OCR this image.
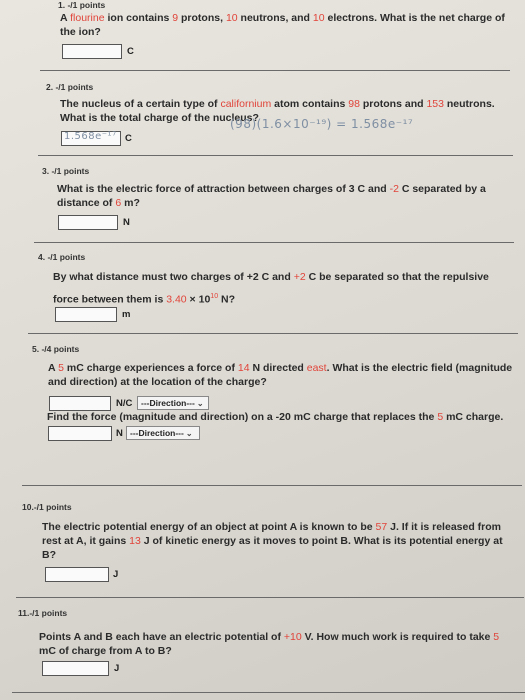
1. -/1 points
A flourine ion contains 9 protons, 10 neutrons, and 10 electrons. What is the net charge of the ion?
C
2. -/1 points
The nucleus of a certain type of californium atom contains 98 protons and 153 neutrons. What is the total charge of the nucleus?
(98)(1.6×10⁻¹⁹) = 1.568e⁻¹⁷
1.568e⁻¹⁷ C
3. -/1 points
What is the electric force of attraction between charges of 3 C and -2 C separated by a distance of 6 m?
N
4. -/1 points
By what distance must two charges of +2 C and +2 C be separated so that the repulsive force between them is $3.40 \times 10^{10}$ N?
m
5. -/4 points
A 5 mC charge experiences a force of 14 N directed east. What is the electric field (magnitude and direction) at the location of the charge?
N/C	---Direction--- ⌄
Find the force (magnitude and direction) on a -20 mC charge that replaces the 5 mC charge.
N ---Direction--- ⌄
10.-/1 points
The electric potential energy of an object at point A is known to be 57 J. If it is released from rest at A, it gains 13 J of kinetic energy as it moves to point B. What is its potential energy at B?
J
11.-/1 points
Points A and B each have an electric potential of +10 V. How much work is required to take 5 mC of charge from A to B?
J
